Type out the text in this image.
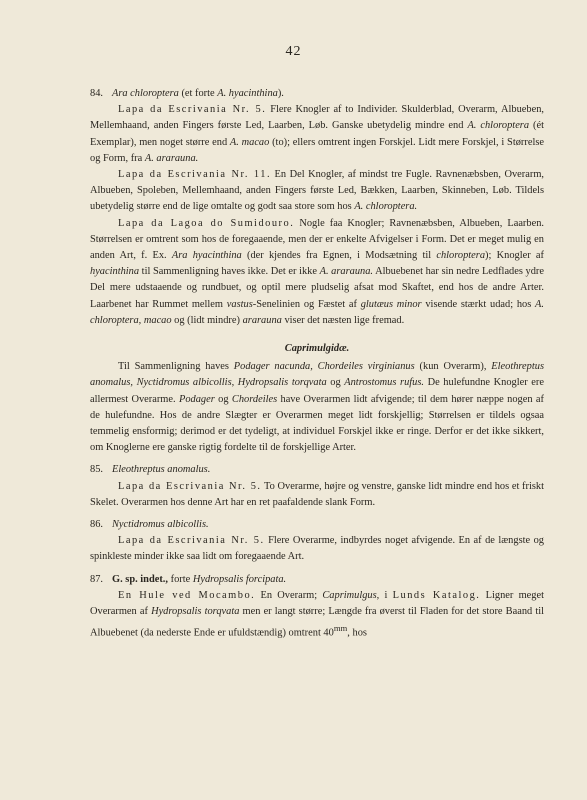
42
84. Ara chloroptera (et forte A. hyacinthina).

Lapa da Escrivania Nr. 5. Flere Knogler af to Individer. Skulderblad, Overarm, Albueben, Mellemhaand, anden Fingers første Led, Laarben, Løb. Ganske ubetydelig mindre end A. chloroptera (ét Exemplar), men noget større end A. macao (to); ellers omtrent ingen Forskjel. Lidt mere Forskjel, i Størrelse og Form, fra A. ararauna.

Lapa da Escrivania Nr. 11. En Del Knogler, af mindst tre Fugle. Ravnenæbsben, Overarm, Albueben, Spoleben, Mellemhaand, anden Fingers første Led, Bækken, Laarben, Skinneben, Løb. Tildels ubetydelig større end de lige omtalte og godt saa store som hos A. chloroptera.

Lapa da Lagoa do Sumidouro. Nogle faa Knogler; Ravnenæbsben, Albueben, Laarben. Størrelsen er omtrent som hos de foregaaende, men der er enkelte Afvigelser i Form. Det er meget mulig en anden Art, f. Ex. Ara hyacinthina (der kjendes fra Egnen, i Modsætning til chloroptera); Knogler af hyacinthina til Sammenligning haves ikke. Det er ikke A. ararauna. Albuebenet har sin nedre Ledflades ydre Del mere udstaaende og rundbuet, og optil mere pludselig afsat mod Skaftet, end hos de andre Arter. Laarbenet har Rummet mellem vastus-Senelinien og Fæstet af glutæus minor visende stærkt udad; hos A. chloroptera, macao og (lidt mindre) ararauna viser det næsten lige fremad.

Caprimulgidæ.

Til Sammenligning haves Podager nacunda, Chordeiles virginianus (kun Overarm), Eleothreptus anomalus, Nyctidromus albicollis, Hydropsalis torqvata og Antrostomus rufus. De hulefundne Knogler ere allermest Overarme. Podager og Chordeiles have Overarmen lidt afvigende; til dem hører næppe nogen af de hulefundne. Hos de andre Slægter er Overarmen meget lidt forskjellig; Størrelsen er tildels ogsaa temmelig ensformig; derimod er det tydeligt, at individuel Forskjel ikke er ringe. Derfor er det ikke sikkert, om Knoglerne ere ganske rigtig fordelte til de forskjellige Arter.

85. Eleothreptus anomalus.

Lapa da Escrivania Nr. 5. To Overarme, højre og venstre, ganske lidt mindre end hos et friskt Skelet. Overarmen hos denne Art har en ret paafaldende slank Form.

86. Nyctidromus albicollis.

Lapa da Escrivania Nr. 5. Flere Overarme, indbyrdes noget afvigende. En af de længste og spinkleste minder ikke saa lidt om foregaaende Art.

87. G. sp. indet., forte Hydropsalis forcipata.

En Hule ved Mocambo. En Overarm; Caprimulgus, i Lunds Katalog. Ligner meget Overarmen af Hydropsalis torqvata men er langt større; Længde fra øverst til Fladen for det store Baand til Albuebenet (da nederste Ende er ufuldstændig) omtrent $40^{mm}$, hos
